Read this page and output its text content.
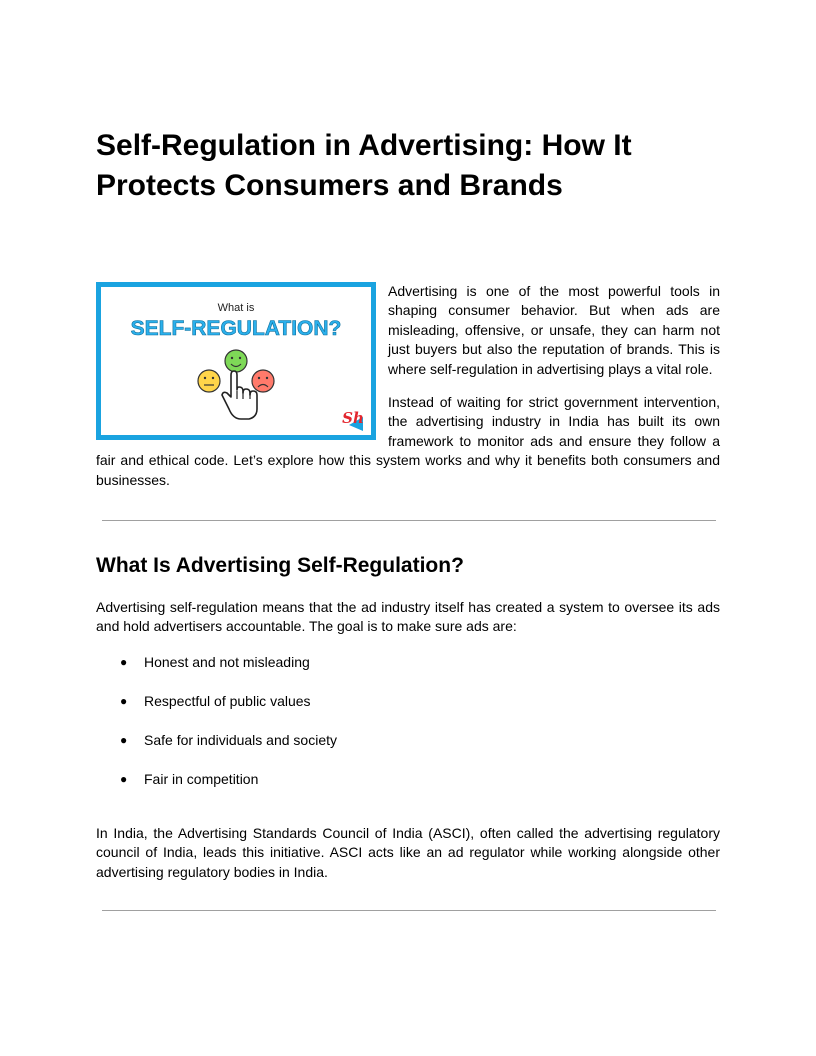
Self-Regulation in Advertising: How It Protects Consumers and Brands
What is
SELF-REGULATION?
Sh

Advertising is one of the most powerful tools in shaping consumer behavior. But when ads are misleading, offensive, or unsafe, they can harm not just buyers but also the reputation of brands. This is where self-regulation in advertising plays a vital role.

Instead of waiting for strict government intervention, the advertising industry in India has built its own framework to monitor ads and ensure they follow a fair and ethical code. Let’s explore how this system works and why it benefits both consumers and businesses.

What Is Advertising Self-Regulation?

Advertising self-regulation means that the ad industry itself has created a system to oversee its ads and hold advertisers accountable. The goal is to make sure ads are:

● Honest and not misleading
● Respectful of public values
● Safe for individuals and society
● Fair in competition

In India, the Advertising Standards Council of India (ASCI), often called the advertising regulatory council of India, leads this initiative. ASCI acts like an ad regulator while working alongside other advertising regulatory bodies in India.
